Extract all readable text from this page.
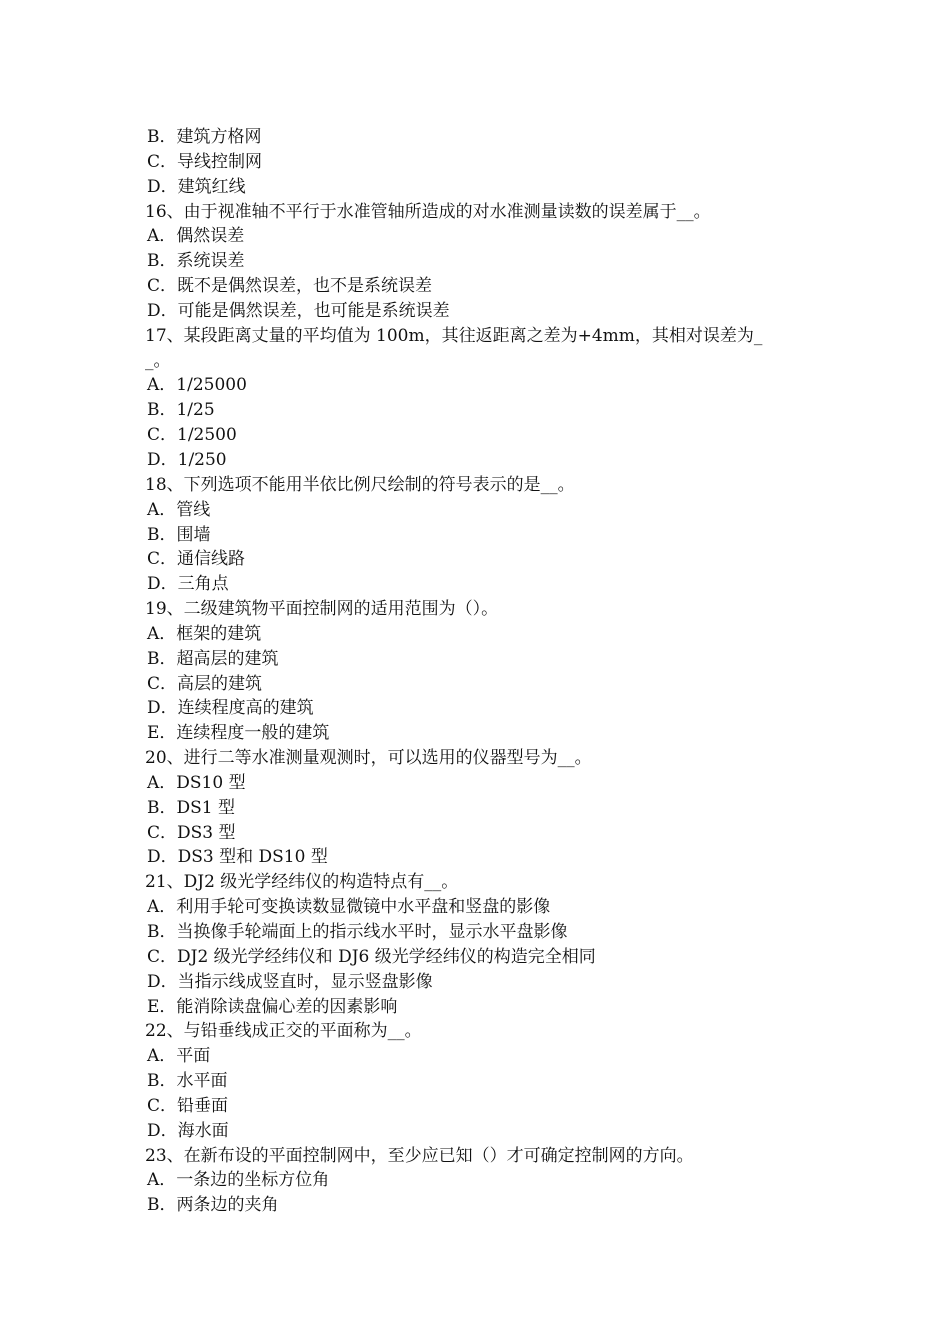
B．建筑方格网
C．导线控制网
D．建筑红线
16、由于视准轴不平行于水准管轴所造成的对水准测量读数的误差属于__。
A．偶然误差
B．系统误差
C．既不是偶然误差，也不是系统误差
D．可能是偶然误差，也可能是系统误差
17、某段距离丈量的平均值为 100m，其往返距离之差为+4mm，其相对误差为_
_。
A．1/25000
B．1/25
C．1/2500
D．1/250
18、下列选项不能用半依比例尺绘制的符号表示的是__。
A．管线
B．围墙
C．通信线路
D．三角点
19、二级建筑物平面控制网的适用范围为（）。
A．框架的建筑
B．超高层的建筑
C．高层的建筑
D．连续程度高的建筑
E．连续程度一般的建筑
20、进行二等水准测量观测时，可以选用的仪器型号为__。
A．DS10 型
B．DS1 型
C．DS3 型
D．DS3 型和 DS10 型
21、DJ2 级光学经纬仪的构造特点有__。
A．利用手轮可变换读数显微镜中水平盘和竖盘的影像
B．当换像手轮端面上的指示线水平时，显示水平盘影像
C．DJ2 级光学经纬仪和 DJ6 级光学经纬仪的构造完全相同
D．当指示线成竖直时，显示竖盘影像
E．能消除读盘偏心差的因素影响
22、与铅垂线成正交的平面称为__。
A．平面
B．水平面
C．铅垂面
D．海水面
23、在新布设的平面控制网中，至少应已知（）才可确定控制网的方向。
A．一条边的坐标方位角
B．两条边的夹角
